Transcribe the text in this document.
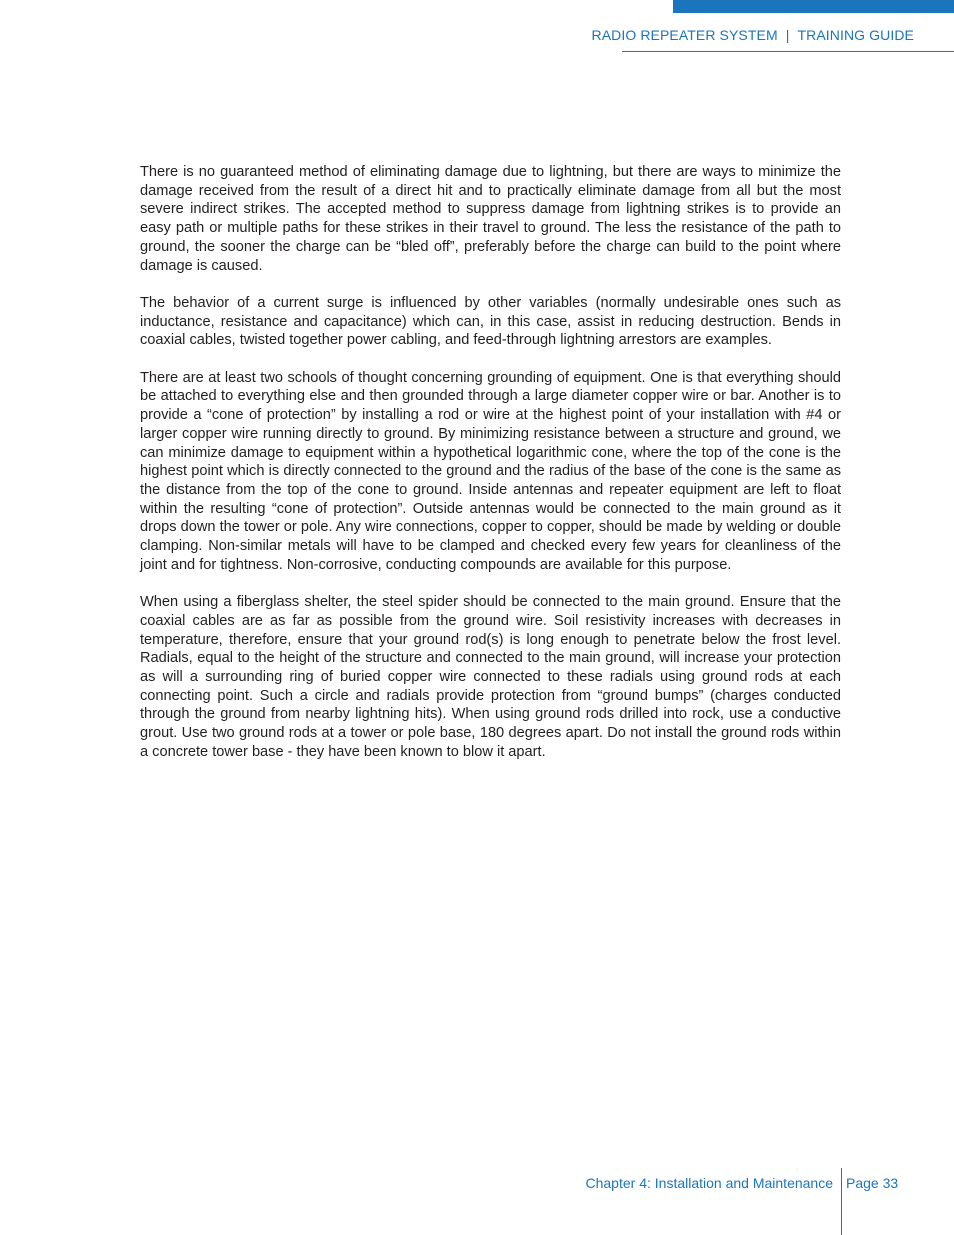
RADIO REPEATER SYSTEM | TRAINING GUIDE

There is no guaranteed method of eliminating damage due to lightning, but there are ways to minimize the damage received from the result of a direct hit and to practically eliminate damage from all but the most severe indirect strikes. The accepted method to suppress damage from lightning strikes is to provide an easy path or multiple paths for these strikes in their travel to ground. The less the resistance of the path to ground, the sooner the charge can be “bled off”, preferably before the charge can build to the point where damage is caused.

The behavior of a current surge is influenced by other variables (normally undesirable ones such as inductance, resistance and capacitance) which can, in this case, assist in reducing destruction. Bends in coaxial cables, twisted together power cabling, and feed-through lightning arrestors are examples.

There are at least two schools of thought concerning grounding of equipment. One is that everything should be attached to everything else and then grounded through a large diameter copper wire or bar. Another is to provide a “cone of protection” by installing a rod or wire at the highest point of your installation with #4 or larger copper wire running directly to ground. By minimizing resistance between a structure and ground, we can minimize damage to equipment within a hypothetical logarithmic cone, where the top of the cone is the highest point which is directly connected to the ground and the radius of the base of the cone is the same as the distance from the top of the cone to ground. Inside antennas and repeater equipment are left to float within the resulting “cone of protection”. Outside antennas would be connected to the main ground as it drops down the tower or pole. Any wire connections, copper to copper, should be made by welding or double clamping. Non-similar metals will have to be clamped and checked every few years for cleanliness of the joint and for tightness. Non-corrosive, conducting compounds are available for this purpose.

When using a fiberglass shelter, the steel spider should be connected to the main ground. Ensure that the coaxial cables are as far as possible from the ground wire. Soil resistivity increases with decreases in temperature, therefore, ensure that your ground rod(s) is long enough to penetrate below the frost level. Radials, equal to the height of the structure and connected to the main ground, will increase your protection as will a surrounding ring of buried copper wire connected to these radials using ground rods at each connecting point. Such a circle and radials provide protection from “ground bumps” (charges conducted through the ground from nearby lightning hits). When using ground rods drilled into rock, use a conductive grout. Use two ground rods at a tower or pole base, 180 degrees apart. Do not install the ground rods within a concrete tower base - they have been known to blow it apart.

Chapter 4: Installation and Maintenance Page 33
